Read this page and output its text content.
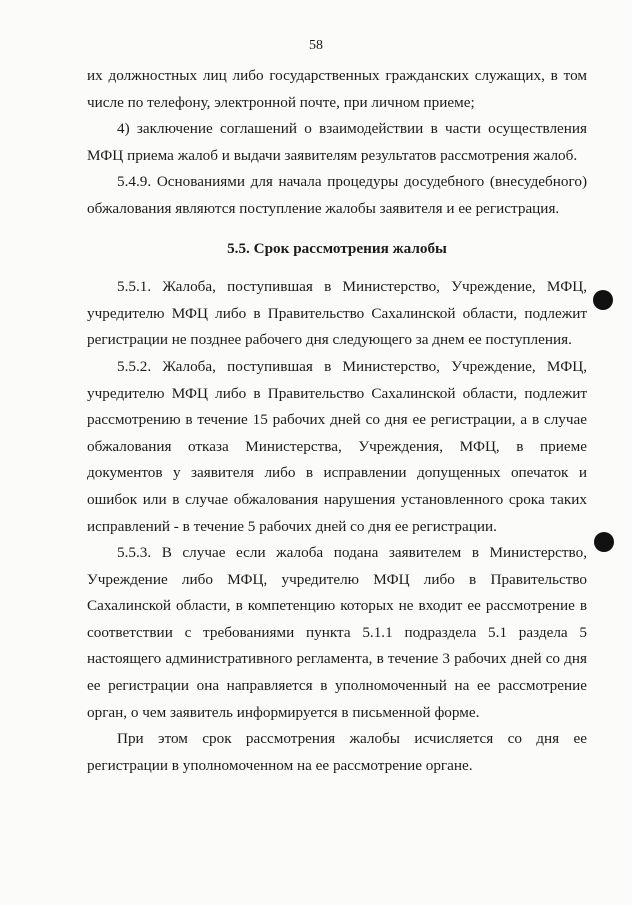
58

их должностных лиц либо государственных гражданских служащих, в том числе по телефону, электронной почте, при личном приеме;

4) заключение соглашений о взаимодействии в части осуществления МФЦ приема жалоб и выдачи заявителям результатов рассмотрения жалоб.

5.4.9. Основаниями для начала процедуры досудебного (внесудебного) обжалования являются поступление жалобы заявителя и ее регистрация.

5.5. Срок рассмотрения жалобы

5.5.1. Жалоба, поступившая в Министерство, Учреждение, МФЦ, учредителю МФЦ либо в Правительство Сахалинской области, подлежит регистрации не позднее рабочего дня следующего за днем ее поступления.

5.5.2. Жалоба, поступившая в Министерство, Учреждение, МФЦ, учредителю МФЦ либо в Правительство Сахалинской области, подлежит рассмотрению в течение 15 рабочих дней со дня ее регистрации, а в случае обжалования отказа Министерства, Учреждения, МФЦ, в приеме документов у заявителя либо в исправлении допущенных опечаток и ошибок или в случае обжалования нарушения установленного срока таких исправлений - в течение 5 рабочих дней со дня ее регистрации.

5.5.3. В случае если жалоба подана заявителем в Министерство, Учреждение либо МФЦ, учредителю МФЦ либо в Правительство Сахалинской области, в компетенцию которых не входит ее рассмотрение в соответствии с требованиями пункта 5.1.1 подраздела 5.1 раздела 5 настоящего административного регламента, в течение 3 рабочих дней со дня ее регистрации она направляется в уполномоченный на ее рассмотрение орган, о чем заявитель информируется в письменной форме.

При этом срок рассмотрения жалобы исчисляется со дня ее регистрации в уполномоченном на ее рассмотрение органе.
